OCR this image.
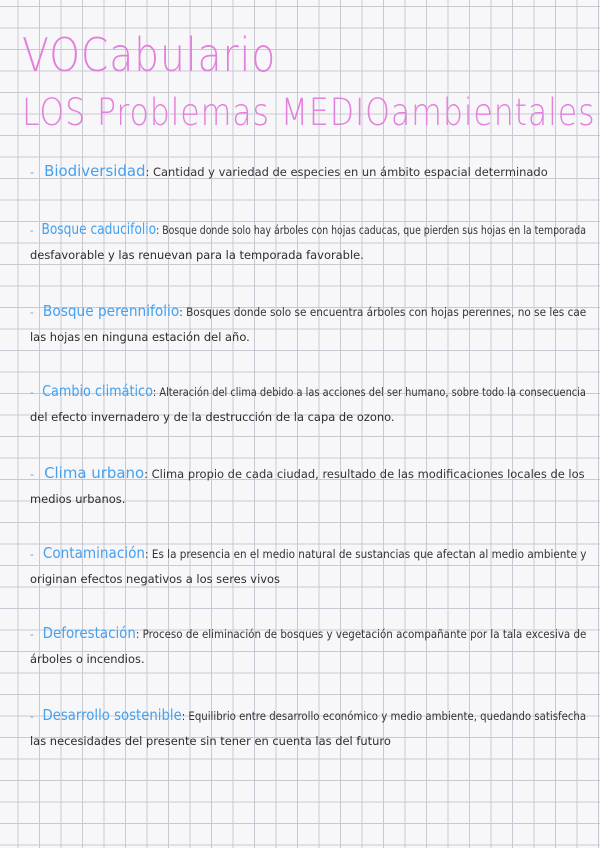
VOCabulario
LOS Problemas MEDIOambientales
- Biodiversidad: Cantidad y variedad de especies en un ámbito espacial determinado
- Bosque caducifolio: Bosque donde solo hay árboles con hojas caducas, que pierden sus hojas en la temporada
desfavorable y las renuevan para la temporada favorable.
- Bosque perennifolio: Bosques donde solo se encuentra árboles con hojas perennes, no se les cae
las hojas en ninguna estación del año.
- Cambio climático: Alteración del clima debido a las acciones del ser humano, sobre todo la consecuencia
del efecto invernadero y de la destrucción de la capa de ozono.
- Clima urbano: Clima propio de cada ciudad, resultado de las modificaciones locales de los
medios urbanos.
- Contaminación: Es la presencia en el medio natural de sustancias que afectan al medio ambiente y
originan efectos negativos a los seres vivos
- Deforestación: Proceso de eliminación de bosques y vegetación acompañante por la tala excesiva de
árboles o incendios.
- Desarrollo sostenible: Equilibrio entre desarrollo económico y medio ambiente, quedando satisfecha
las necesidades del presente sin tener en cuenta las del futuro
